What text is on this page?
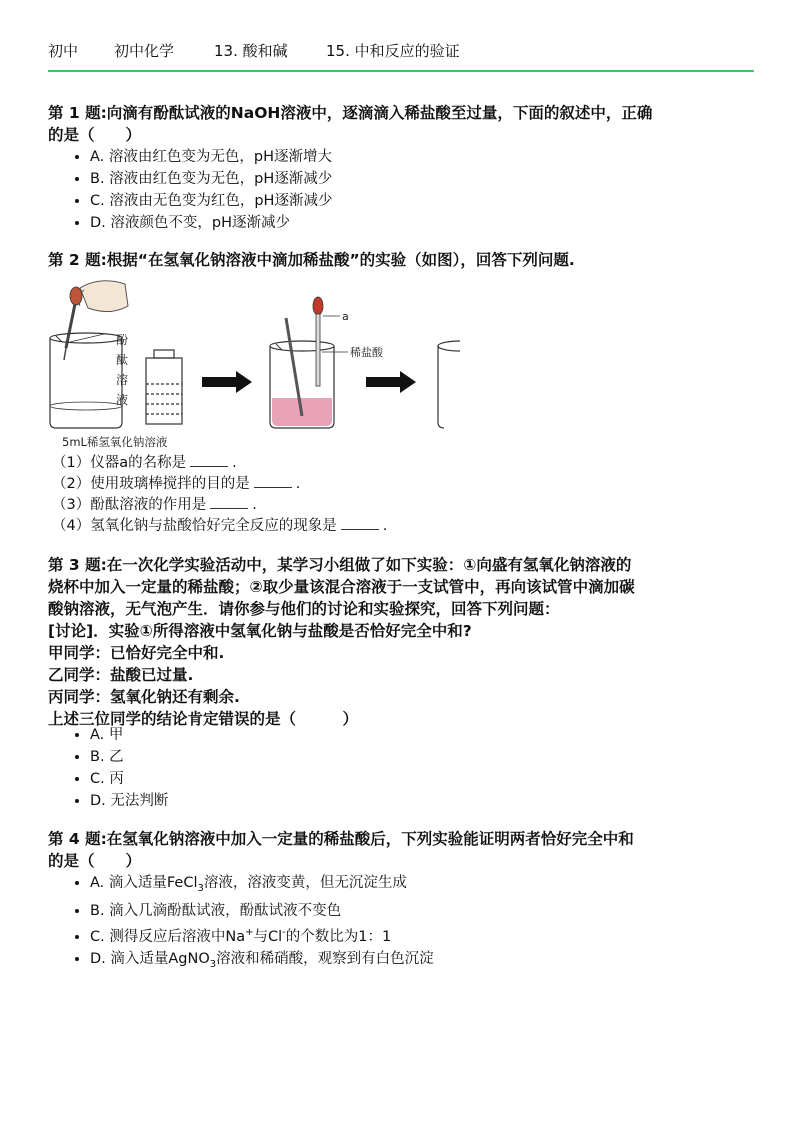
初中	初中化学	13. 酸和碱	15. 中和反应的验证
第 1 题:向滴有酚酞试液的NaOH溶液中，逐滴滴入稀盐酸至过量，下面的叙述中，正确
的是（　　）
• A. 溶液由红色变为无色，pH逐渐增大
• B. 溶液由红色变为无色，pH逐渐减少
• C. 溶液由无色变为红色，pH逐渐减少
• D. 溶液颜色不变，pH逐渐减少
第 2 题:根据“在氢氧化钠溶液中滴加稀盐酸”的实验（如图），回答下列问题.
酚
酞
溶
液
5mL稀氢氧化钠溶液
a
稀盐酸
（1）仪器a的名称是	.
（2）使用玻璃棒搅拌的目的是	.
（3）酚酞溶液的作用是	.
（4）氢氧化钠与盐酸恰好完全反应的现象是	.
第 3 题:在一次化学实验活动中，某学习小组做了如下实验：①向盛有氢氧化钠溶液的
烧杯中加入一定量的稀盐酸；②取少量该混合溶液于一支试管中，再向该试管中滴加碳
酸钠溶液，无气泡产生．请你参与他们的讨论和实验探究，回答下列问题：
[讨论]．实验①所得溶液中氢氧化钠与盐酸是否恰好完全中和?
甲同学：已恰好完全中和.
乙同学：盐酸已过量.
丙同学：氢氧化钠还有剩余.
上述三位同学的结论肯定错误的是（　　　）
• A. 甲
• B. 乙
• C. 丙
• D. 无法判断
第 4 题:在氢氧化钠溶液中加入一定量的稀盐酸后，下列实验能证明两者恰好完全中和
的是（　　）
• A. 滴入适量FeCl$_3$溶液，溶液变黄，但无沉淀生成
• B. 滴入几滴酚酞试液，酚酞试液不变色
• C. 测得反应后溶液中Na+与Cl-的个数比为1：1
• D. 滴入适量AgNO$_3$溶液和稀硝酸，观察到有白色沉淀
